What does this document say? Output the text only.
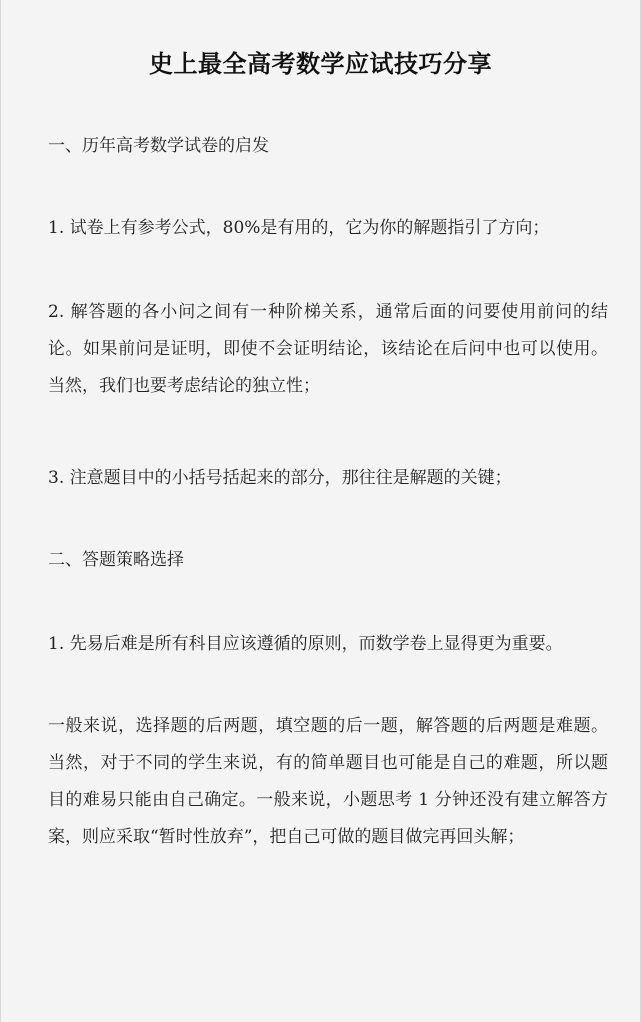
史上最全高考数学应试技巧分享

一、历年高考数学试卷的启发

1. 试卷上有参考公式，80%是有用的，它为你的解题指引了方向；

2. 解答题的各小问之间有一种阶梯关系，通常后面的问要使用前问的结论。如果前问是证明，即使不会证明结论，该结论在后问中也可以使用。当然，我们也要考虑结论的独立性；

3. 注意题目中的小括号括起来的部分，那往往是解题的关键；

二、答题策略选择

1. 先易后难是所有科目应该遵循的原则，而数学卷上显得更为重要。

一般来说，选择题的后两题，填空题的后一题，解答题的后两题是难题。当然，对于不同的学生来说，有的简单题目也可能是自己的难题，所以题目的难易只能由自己确定。一般来说，小题思考 1 分钟还没有建立解答方案，则应采取“暂时性放弃”，把自己可做的题目做完再回头解；
